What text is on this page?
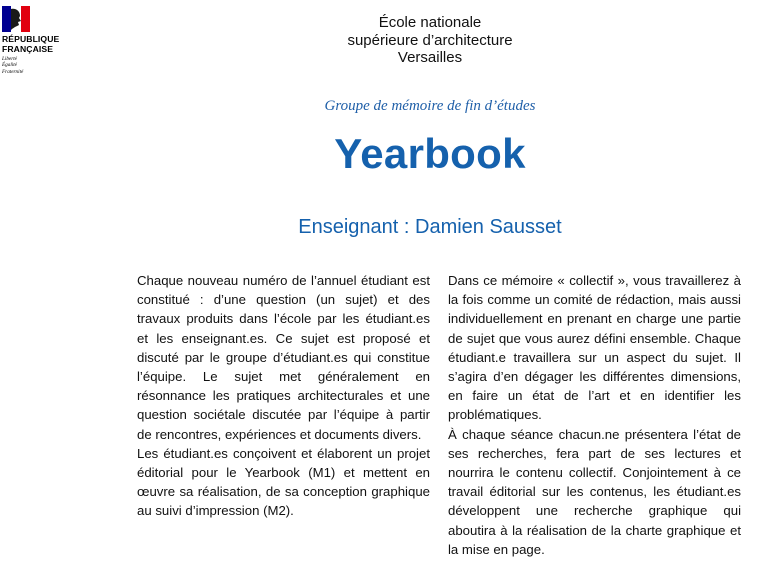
RÉPUBLIQUE
FRANÇAISE
Liberté
Égalité
Fraternité
École nationale
supérieure d’architecture
Versailles
Groupe de mémoire de fin d’études
Yearbook
Enseignant : Damien Sausset

Chaque nouveau numéro de l’annuel étudiant est constitué : d’une question (un sujet) et des travaux produits dans l’école par les étudiant.es et les enseignant.es. Ce sujet est proposé et discuté par le groupe d’étudiant.es qui constitue l’équipe. Le sujet met généralement en résonnance les pratiques architecturales et une question sociétale discutée par l’équipe à partir de rencontres, expériences et documents divers.

Les étudiant.es conçoivent et élaborent un projet éditorial pour le Yearbook (M1) et mettent en œuvre sa réalisation, de sa conception graphique au suivi d’impression (M2).

Dans ce mémoire « collectif », vous travaillerez à la fois comme un comité de rédaction, mais aussi individuellement en prenant en charge une partie de sujet que vous aurez défini ensemble. Chaque étudiant.e travaillera sur un aspect du sujet. Il s’agira d’en dégager les différentes dimensions, en faire un état de l’art et en identifier les problématiques.

À chaque séance chacun.ne présentera l’état de ses recherches, fera part de ses lectures et nourrira le contenu collectif. Conjointement à ce travail éditorial sur les contenus, les étudiant.es développent une recherche graphique qui aboutira à la réalisation de la charte graphique et la mise en page.
